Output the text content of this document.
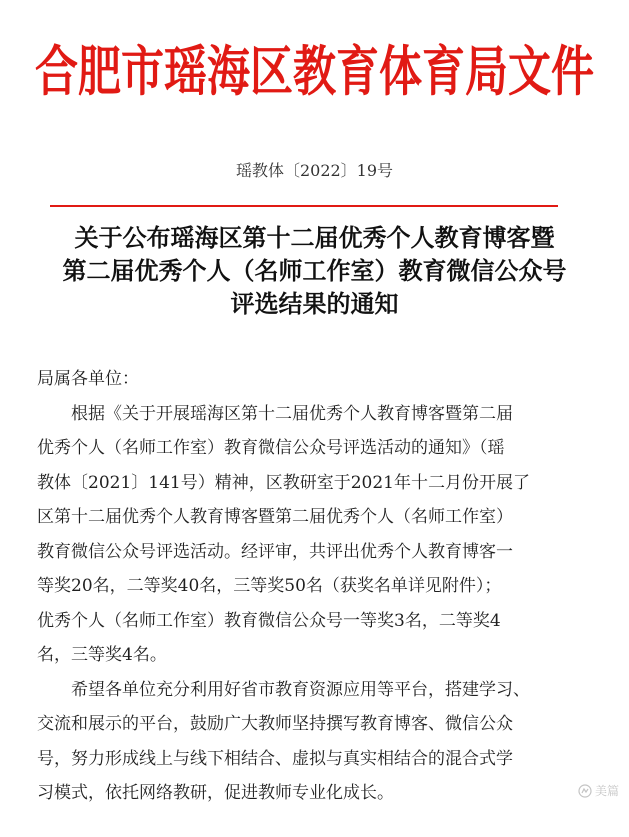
合肥市瑶海区教育体育局文件
瑶教体〔2022〕19号
关于公布瑶海区第十二届优秀个人教育博客暨
第二届优秀个人（名师工作室）教育微信公众号
评选结果的通知
局属各单位：
根据《关于开展瑶海区第十二届优秀个人教育博客暨第二届
优秀个人（名师工作室）教育微信公众号评选活动的通知》（瑶
教体〔2021〕141号）精神，区教研室于2021年十二月份开展了
区第十二届优秀个人教育博客暨第二届优秀个人（名师工作室）
教育微信公众号评选活动。经评审，共评出优秀个人教育博客一
等奖20名，二等奖40名，三等奖50名（获奖名单详见附件）；
优秀个人（名师工作室）教育微信公众号一等奖3名，二等奖4
名，三等奖4名。
希望各单位充分利用好省市教育资源应用等平台，搭建学习、
交流和展示的平台，鼓励广大教师坚持撰写教育博客、微信公众
号，努力形成线上与线下相结合、虚拟与真实相结合的混合式学
习模式，依托网络教研，促进教师专业化成长。	美篇
